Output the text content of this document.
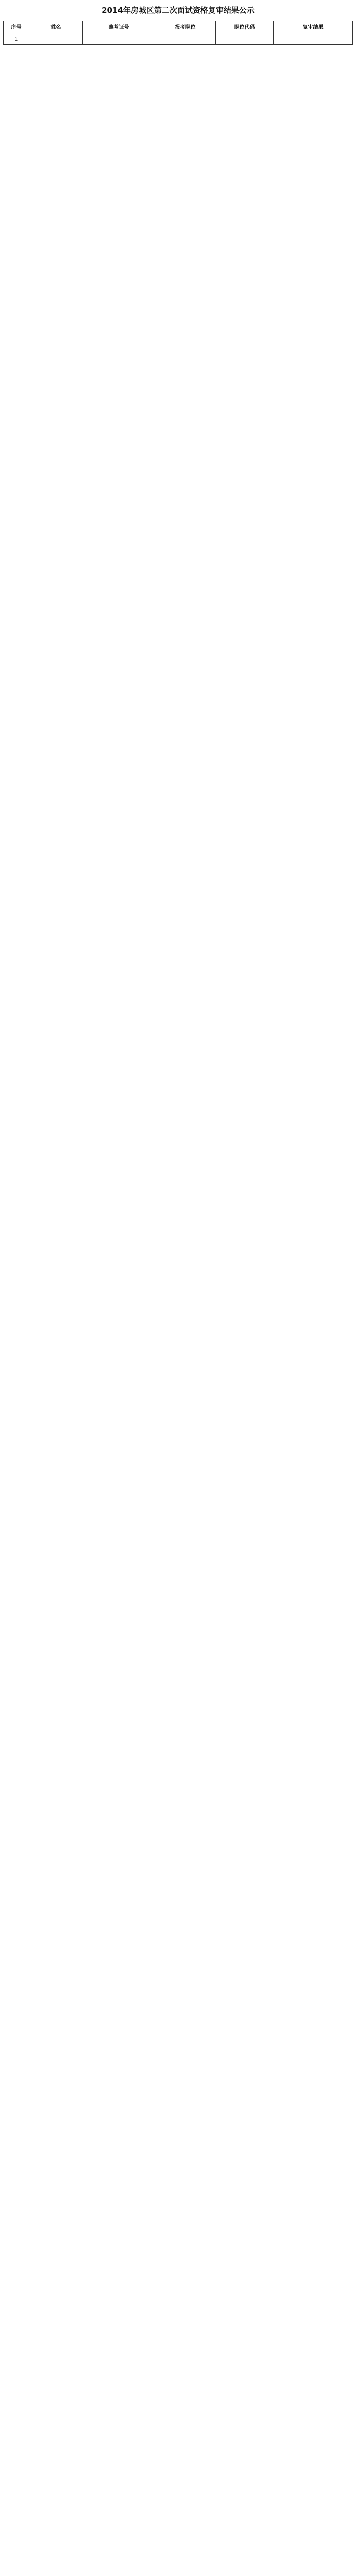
2014年房城区第二次面试资格复审结果公示
序号	姓名	准考证号	报考职位	职位代码	复审结果
1					
